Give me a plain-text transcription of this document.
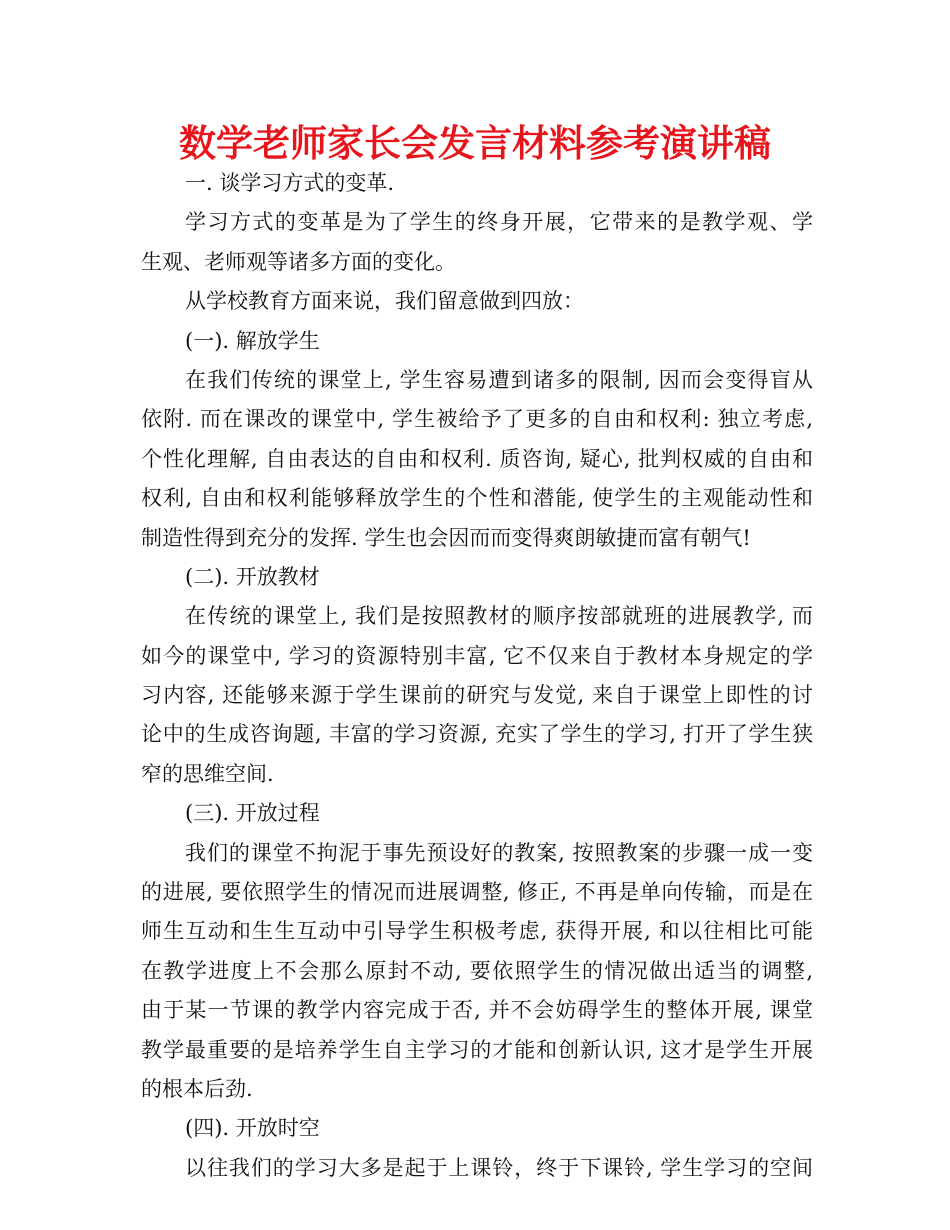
数学老师家长会发言材料参考演讲稿
一. 谈学习方式的变革.
学习方式的变革是为了学生的终身开展，它带来的是教学观、学
生观、老师观等诸多方面的变化。
从学校教育方面来说，我们留意做到四放：
(一). 解放学生
在我们传统的课堂上, 学生容易遭到诸多的限制, 因而会变得盲从
依附. 而在课改的课堂中, 学生被给予了更多的自由和权利: 独立考虑,
个性化理解, 自由表达的自由和权利. 质咨询, 疑心, 批判权威的自由和
权利, 自由和权利能够释放学生的个性和潜能, 使学生的主观能动性和
制造性得到充分的发挥. 学生也会因而而变得爽朗敏捷而富有朝气!
(二). 开放教材
在传统的课堂上, 我们是按照教材的顺序按部就班的进展教学, 而
如今的课堂中, 学习的资源特别丰富, 它不仅来自于教材本身规定的学
习内容, 还能够来源于学生课前的研究与发觉, 来自于课堂上即性的讨
论中的生成咨询题, 丰富的学习资源, 充实了学生的学习, 打开了学生狭
窄的思维空间.
(三). 开放过程
我们的课堂不拘泥于事先预设好的教案, 按照教案的步骤一成一变
的进展, 要依照学生的情况而进展调整, 修正, 不再是单向传输，而是在
师生互动和生生互动中引导学生积极考虑, 获得开展, 和以往相比可能
在教学进度上不会那么原封不动, 要依照学生的情况做出适当的调整,
由于某一节课的教学内容完成于否, 并不会妨碍学生的整体开展, 课堂
教学最重要的是培养学生自主学习的才能和创新认识, 这才是学生开展
的根本后劲.
(四). 开放时空
以往我们的学习大多是起于上课铃，终于下课铃, 学生学习的空间
